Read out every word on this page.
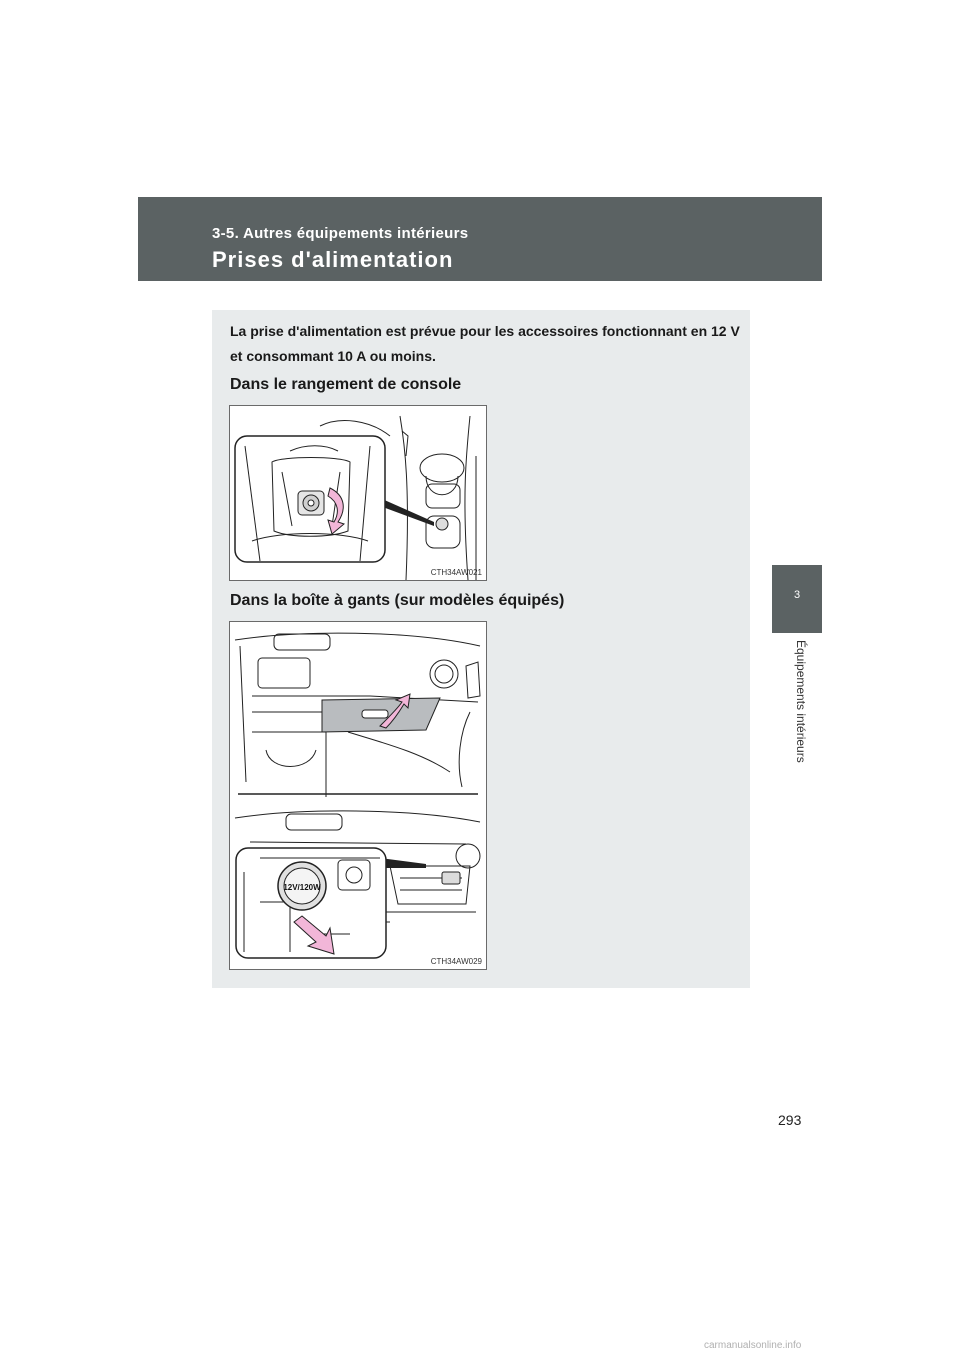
3-5. Autres équipements intérieurs
Prises d'alimentation
La prise d'alimentation est prévue pour les accessoires fonctionnant en 12 V et consommant 10 A ou moins.
Dans le rangement de console
CTH34AW021
Dans la boîte à gants (sur modèles équipés)
12V/120W
CTH34AW029
3
Équipements intérieurs
293
carmanualsonline.info
